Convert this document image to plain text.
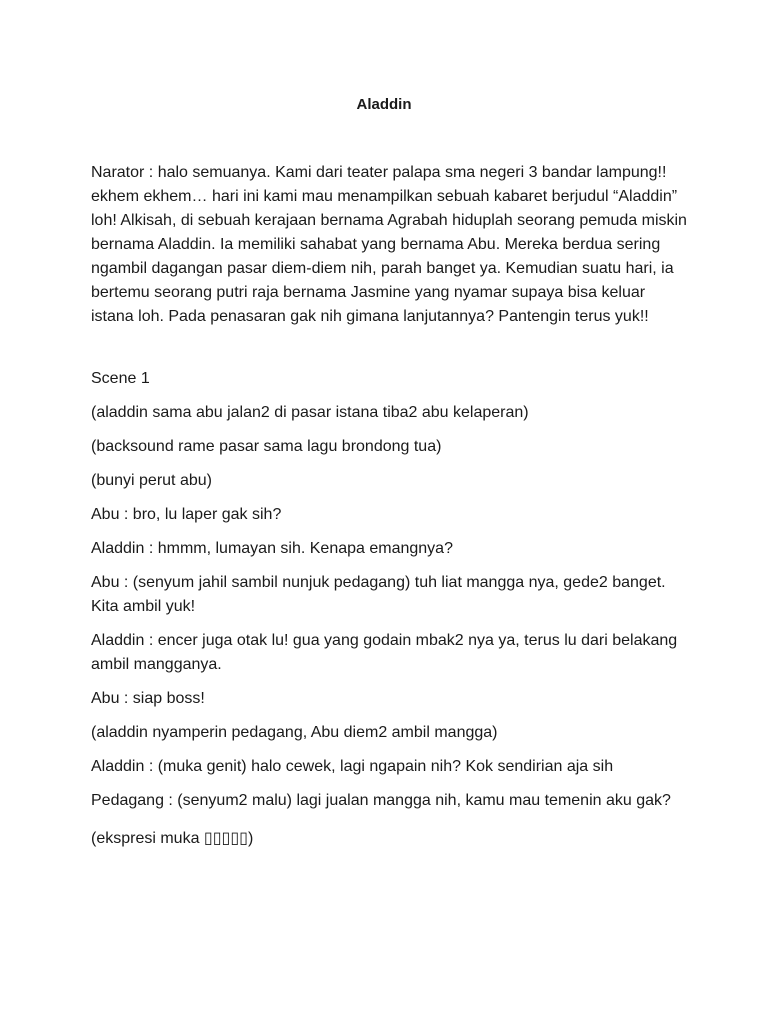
Aladdin

Narator : halo semuanya. Kami dari teater palapa sma negeri 3 bandar lampung!! ekhem ekhem… hari ini kami mau menampilkan sebuah kabaret berjudul “Aladdin” loh! Alkisah, di sebuah kerajaan bernama Agrabah hiduplah seorang pemuda miskin bernama Aladdin. Ia memiliki sahabat yang bernama Abu. Mereka berdua sering ngambil dagangan pasar diem-diem nih, parah banget ya. Kemudian suatu hari, ia bertemu seorang putri raja bernama Jasmine yang nyamar supaya bisa keluar istana loh. Pada penasaran gak nih gimana lanjutannya? Pantengin terus yuk!!

Scene 1

(aladdin sama abu jalan2 di pasar istana tiba2 abu kelaperan)

(backsound rame pasar sama lagu brondong tua)

(bunyi perut abu)

Abu : bro, lu laper gak sih?

Aladdin : hmmm, lumayan sih. Kenapa emangnya?

Abu : (senyum jahil sambil nunjuk pedagang) tuh liat mangga nya, gede2 banget. Kita ambil yuk!

Aladdin : encer juga otak lu! gua yang godain mbak2 nya ya, terus lu dari belakang ambil mangganya.

Abu : siap boss!

(aladdin nyamperin pedagang, Abu diem2 ambil mangga)

Aladdin : (muka genit) halo cewek, lagi ngapain nih? Kok sendirian aja sih

Pedagang : (senyum2 malu) lagi jualan mangga nih, kamu mau temenin aku gak?

(ekspresi muka ▯▯▯▯▯)
